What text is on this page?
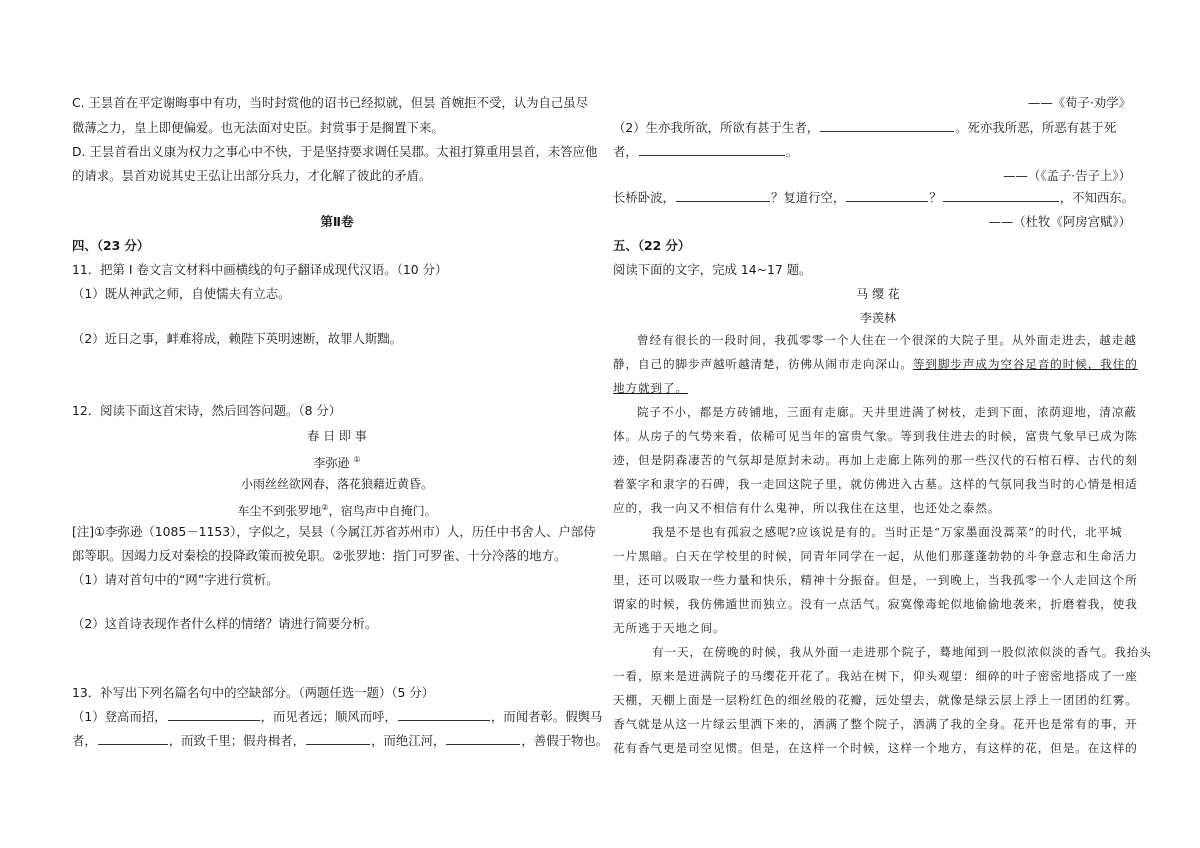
C. 王昙首在平定谢晦事中有功，当时封赏他的诏书已经拟就，但昙 首婉拒不受，认为自己虽尽
微薄之力，皇上即便偏爱。也无法面对史臣。封赏事于是搁置下来。
D. 王昙首看出义康为权力之事心中不快，于是坚持要求调任吴郡。太祖打算重用昙首，未答应他
的请求。昙首劝说其史王弘让出部分兵力，才化解了彼此的矛盾。
第Ⅱ卷
四、（23 分）
11．把第 I 卷文言文材料中画横线的句子翻译成现代汉语。（10 分）
（1）既从神武之师，自使懦夫有立志。
（2）近日之事，衅难将成，赖陛下英明速断，故罪人斯黜。
12．阅读下面这首宋诗，然后回答问题。（8 分）
春 日 即 事
李弥逊 ①
小雨丝丝欲网春，落花狼藉近黄昏。
车尘不到张罗地②，宿鸟声中自掩门。
[注]①李弥逊（1085－1153），字似之，吴县（今属江苏省苏州市）人，历任中书舍人、户部侍
郎等职。因竭力反对秦桧的投降政策而被免职。②张罗地：指门可罗雀、十分冷落的地方。
（1）请对首句中的“网”字进行赏析。
（2）这首诗表现作者什么样的情绪？请进行简要分析。
13．补写出下列名篇名句中的空缺部分。（两题任选一题）（5 分）
（1）登高而招，	，而见者远；顺风而呼，	，而闻者彰。假舆马
者，	，而致千里；假舟楫者，	，而绝江河，	，善假于物也。
——《荀子·劝学》
（2）生亦我所欲，所欲有甚于生者，	。死亦我所恶，所恶有甚于死
者，	。
——（《孟子·告子上》）
长桥卧波，	？复道行空，	？	，不知西东。
——（杜牧《阿房宫赋》）
五、（22 分）
阅读下面的文字，完成 14~17 题。
马 缨 花
李羡林
曾经有很长的一段时间，我孤零零一个人住在一个很深的大院子里。从外面走进去，越走越
静，自己的脚步声越听越清楚，彷佛从闹市走向深山。等到脚步声成为空谷足音的时候，我住的
地方就到了。
院子不小，都是方砖铺地，三面有走廊。天井里进满了树枝，走到下面，浓荫迎地，清凉蔽
体。从房子的气势来看，依稀可见当年的富贵气象。等到我住进去的时候，富贵气象早已成为陈
迹，但是阴森凄苦的气氛却是原封未动。再加上走廊上陈列的那一些汉代的石棺石椁、古代的刻
着篆字和隶字的石碑，我一走回这院子里，就仿佛进入古墓。这样的气氛同我当时的心情是相适
应的，我一向又不相信有什么鬼神，所以我住在这里，也还处之泰然。
我是不是也有孤寂之感呢?应该说是有的。当时正是“万家墨面没蒿菜”的时代，北平城
一片黑暗。白天在学校里的时候，同青年同学在一起，从他们那蓬蓬勃勃的斗争意志和生命活力
里，还可以吸取一些力量和快乐，精神十分振奋。但是，一到晚上，当我孤零一个人走回这个所
谓家的时候，我仿佛遁世而独立。没有一点活气。寂寞像毒蛇似地偷偷地袭来，折磨着我，使我
无所逃于天地之间。
有一天，在傍晚的时候，我从外面一走进那个院子，蓦地闻到一股似浓似淡的香气。我抬头
一看，原来是迸满院子的马缨花开花了。我站在树下，仰头观望：细碎的叶子密密地搭成了一座
天棚，天棚上面是一层粉红色的细丝般的花瓣，远处望去，就像是绿云层上浮上一团团的红雾。
香气就是从这一片绿云里洒下来的，洒满了整个院子，洒满了我的全身。花开也是常有的事，开
花有香气更是司空见惯。但是，在这样一个时候，这样一个地方，有这样的花，但是。在这样的
